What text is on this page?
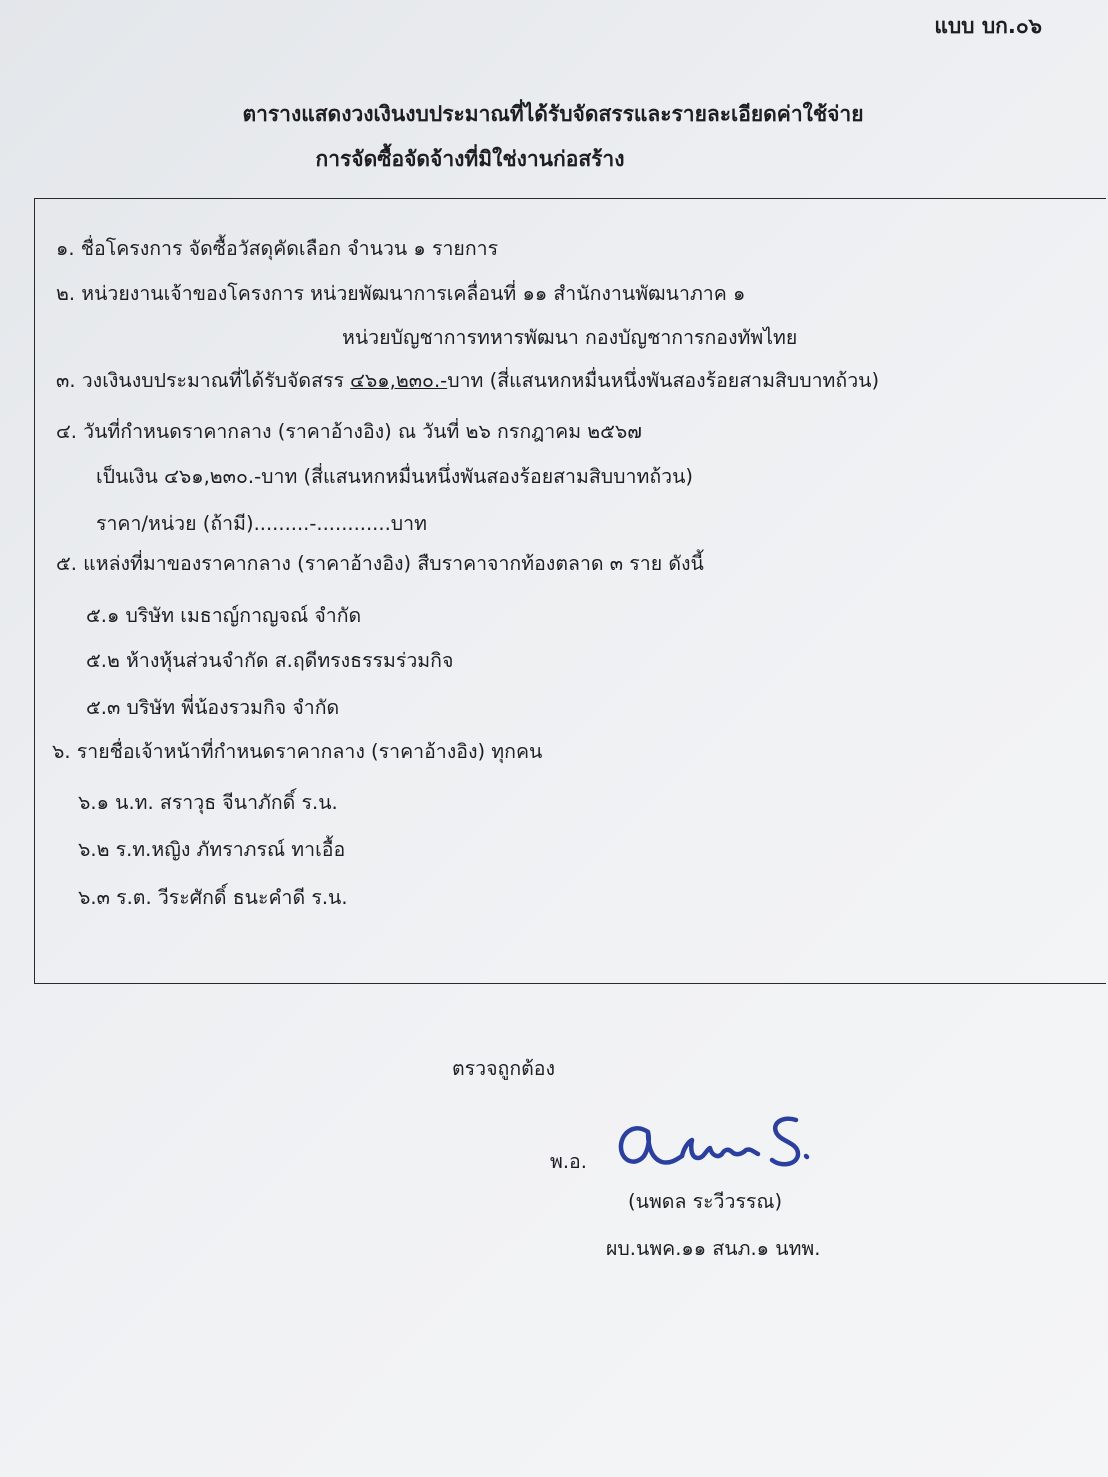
แบบ บก.๐๖
ตารางแสดงวงเงินงบประมาณที่ได้รับจัดสรรและรายละเอียดค่าใช้จ่าย
การจัดซื้อจัดจ้างที่มิใช่งานก่อสร้าง
๑. ชื่อโครงการ จัดซื้อวัสดุคัดเลือก จำนวน ๑ รายการ
๒. หน่วยงานเจ้าของโครงการ หน่วยพัฒนาการเคลื่อนที่ ๑๑ สำนักงานพัฒนาภาค ๑
หน่วยบัญชาการทหารพัฒนา กองบัญชาการกองทัพไทย
๓. วงเงินงบประมาณที่ได้รับจัดสรร ๔๖๑,๒๓๐.-บาท (สี่แสนหกหมื่นหนึ่งพันสองร้อยสามสิบบาทถ้วน)
๔. วันที่กำหนดราคากลาง (ราคาอ้างอิง) ณ วันที่ ๒๖ กรกฎาคม ๒๕๖๗
เป็นเงิน ๔๖๑,๒๓๐.-บาท (สี่แสนหกหมื่นหนึ่งพันสองร้อยสามสิบบาทถ้วน)
ราคา/หน่วย (ถ้ามี).........-............บาท
๕. แหล่งที่มาของราคากลาง (ราคาอ้างอิง) สืบราคาจากท้องตลาด ๓ ราย ดังนี้
๕.๑ บริษัท เมธาญ์กาญจณ์ จำกัด
๕.๒ ห้างหุ้นส่วนจำกัด ส.ฤดีทรงธรรมร่วมกิจ
๕.๓ บริษัท พี่น้องรวมกิจ จำกัด
๖. รายชื่อเจ้าหน้าที่กำหนดราคากลาง (ราคาอ้างอิง) ทุกคน
๖.๑ น.ท. สราวุธ จีนาภักดิ์ ร.น.
๖.๒ ร.ท.หญิง ภัทราภรณ์ ทาเอื้อ
๖.๓ ร.ต. วีระศักดิ์ ธนะคำดี ร.น.
ตรวจถูกต้อง
พ.อ.
(นพดล ระวีวรรณ)
ผบ.นพค.๑๑ สนภ.๑ นทพ.
